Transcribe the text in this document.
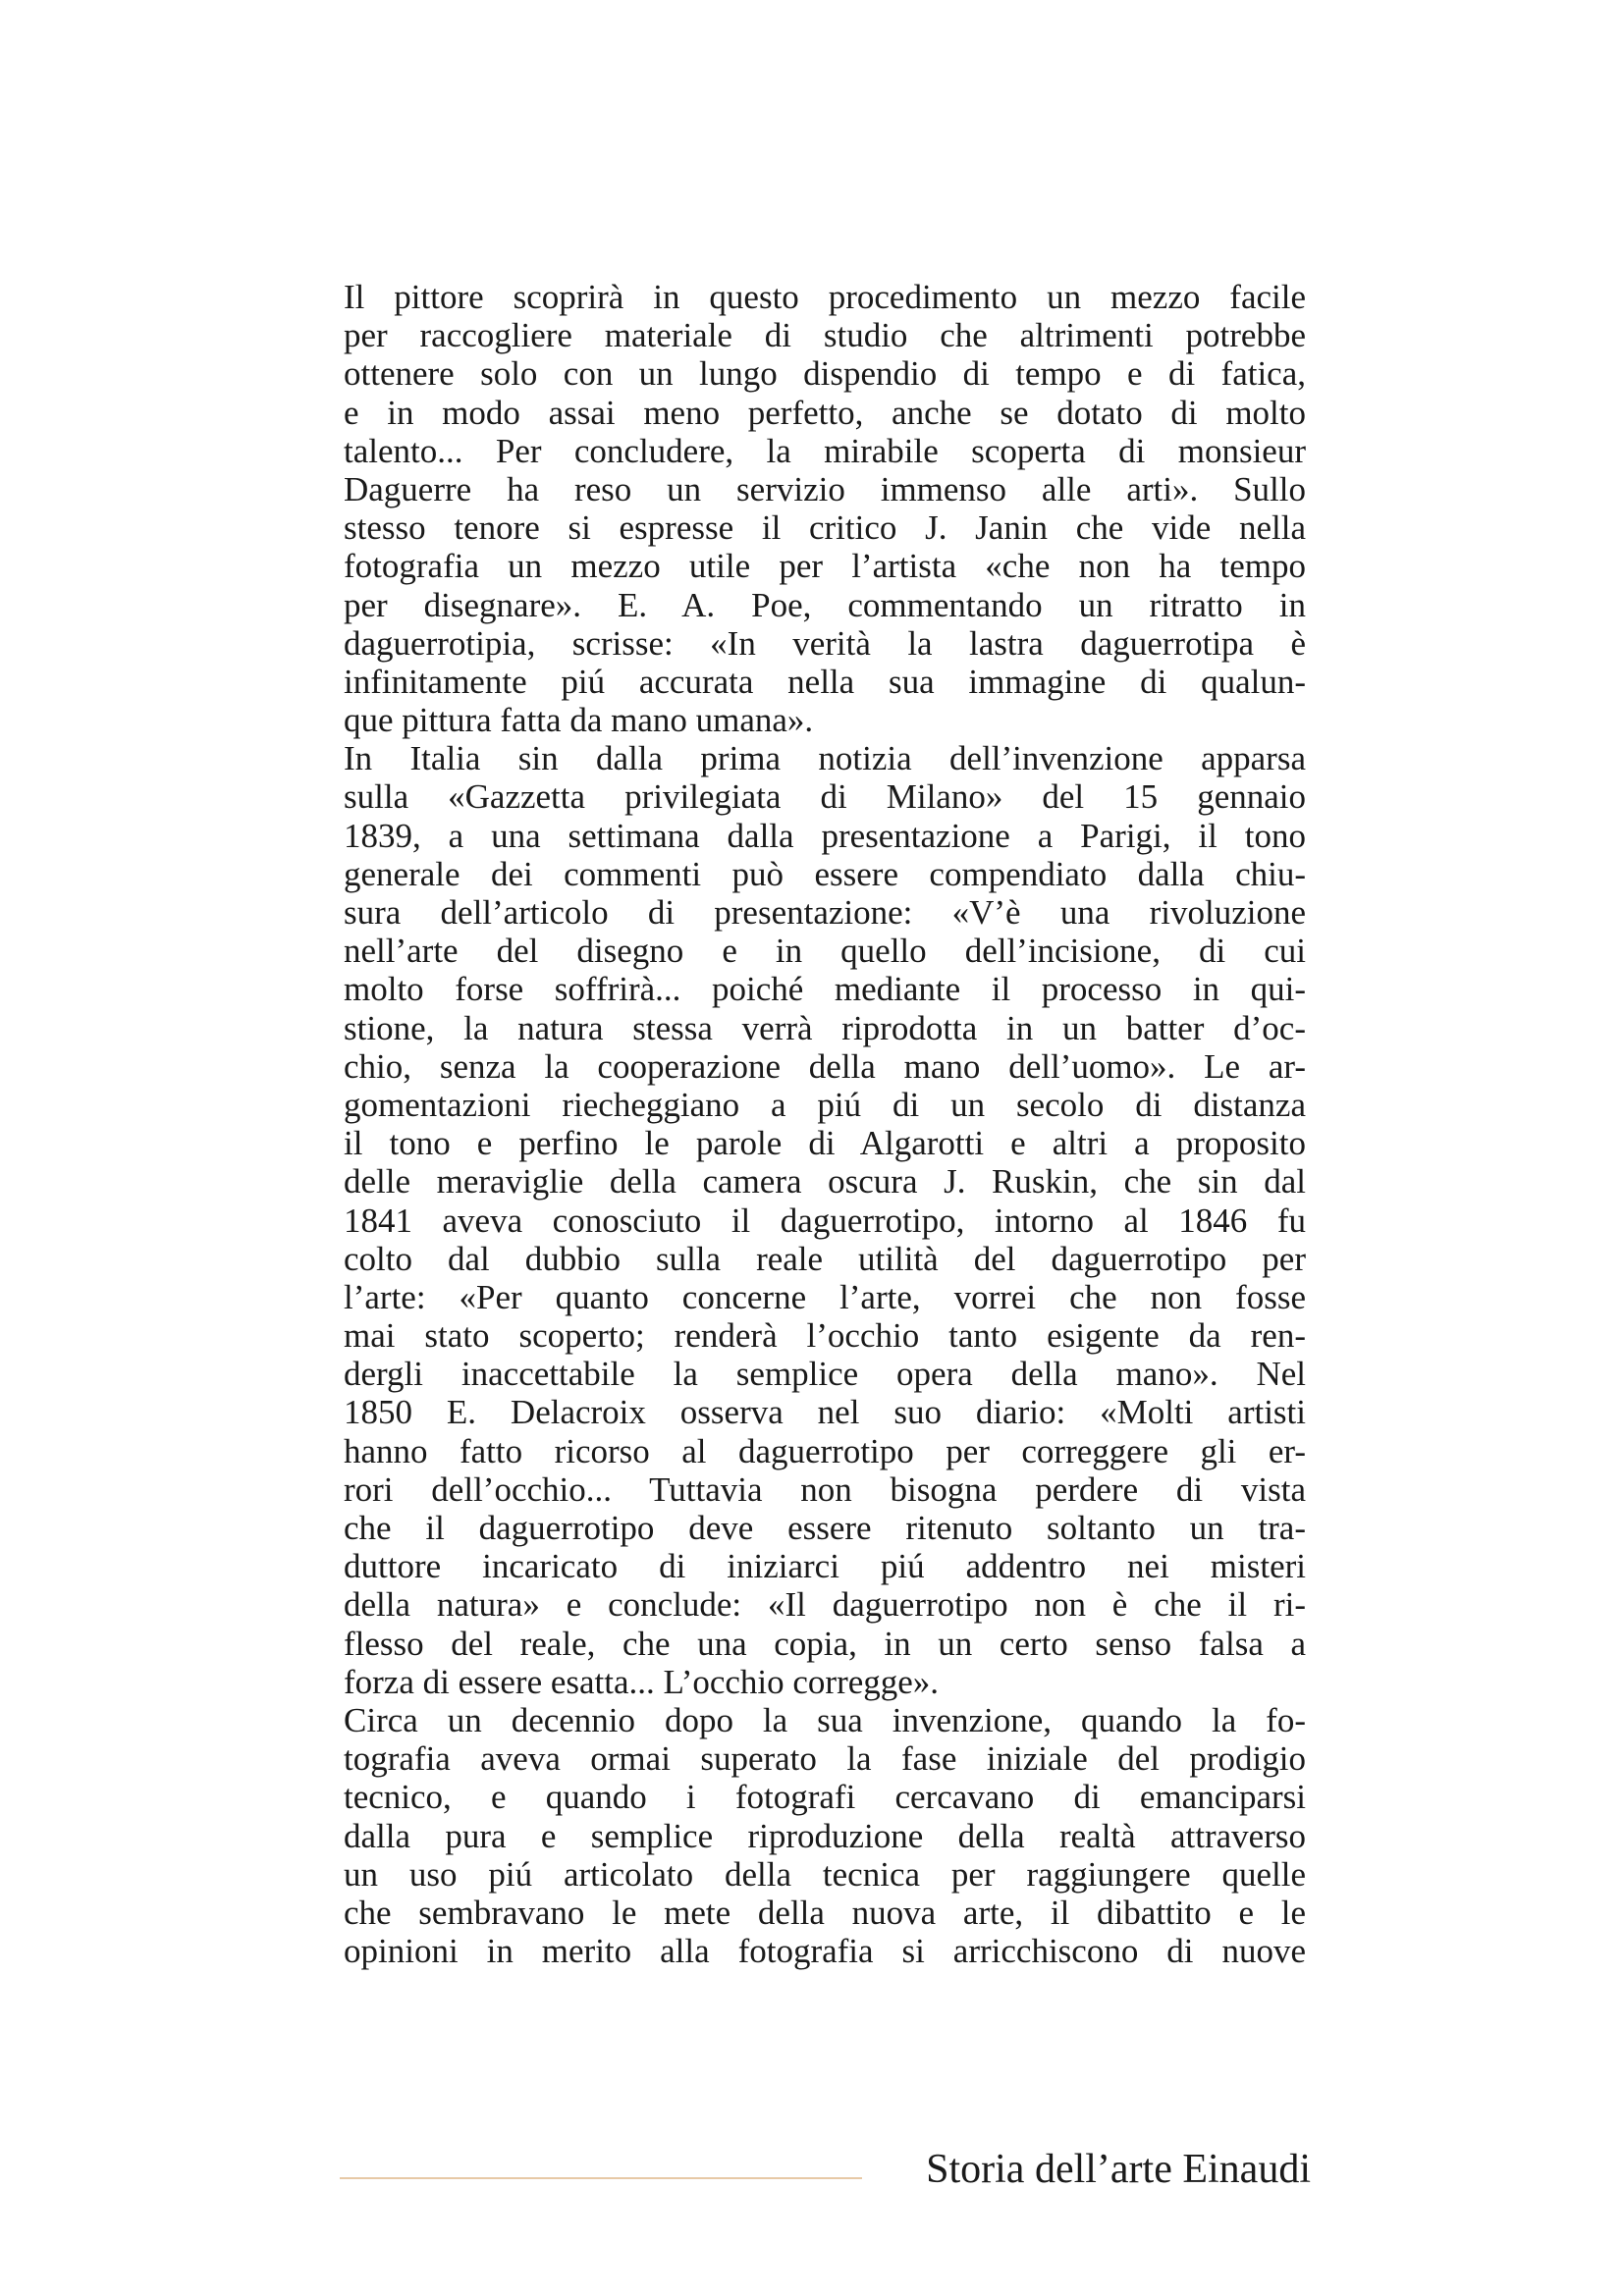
Il pittore scoprirà in questo procedimento un mezzo facile
per raccogliere materiale di studio che altrimenti potrebbe
ottenere solo con un lungo dispendio di tempo e di fatica,
e in modo assai meno perfetto, anche se dotato di molto
talento... Per concludere, la mirabile scoperta di monsieur
Daguerre ha reso un servizio immenso alle arti». Sullo
stesso tenore si espresse il critico J. Janin che vide nella
fotografia un mezzo utile per l’artista «che non ha tempo
per disegnare». E. A. Poe, commentando un ritratto in
daguerrotipia, scrisse: «In verità la lastra daguerrotipa è
infinitamente piú accurata nella sua immagine di qualun-
que pittura fatta da mano umana».
In Italia sin dalla prima notizia dell’invenzione apparsa
sulla «Gazzetta privilegiata di Milano» del 15 gennaio
1839, a una settimana dalla presentazione a Parigi, il tono
generale dei commenti può essere compendiato dalla chiu-
sura dell’articolo di presentazione: «V’è una rivoluzione
nell’arte del disegno e in quello dell’incisione, di cui
molto forse soffrirà... poiché mediante il processo in qui-
stione, la natura stessa verrà riprodotta in un batter d’oc-
chio, senza la cooperazione della mano dell’uomo». Le ar-
gomentazioni riecheggiano a piú di un secolo di distanza
il tono e perfino le parole di Algarotti e altri a proposito
delle meraviglie della camera oscura J. Ruskin, che sin dal
1841 aveva conosciuto il daguerrotipo, intorno al 1846 fu
colto dal dubbio sulla reale utilità del daguerrotipo per
l’arte: «Per quanto concerne l’arte, vorrei che non fosse
mai stato scoperto; renderà l’occhio tanto esigente da ren-
dergli inaccettabile la semplice opera della mano». Nel
1850 E. Delacroix osserva nel suo diario: «Molti artisti
hanno fatto ricorso al daguerrotipo per correggere gli er-
rori dell’occhio... Tuttavia non bisogna perdere di vista
che il daguerrotipo deve essere ritenuto soltanto un tra-
duttore incaricato di iniziarci piú addentro nei misteri
della natura» e conclude: «Il daguerrotipo non è che il ri-
flesso del reale, che una copia, in un certo senso falsa a
forza di essere esatta... L’occhio corregge».
Circa un decennio dopo la sua invenzione, quando la fo-
tografia aveva ormai superato la fase iniziale del prodigio
tecnico, e quando i fotografi cercavano di emanciparsi
dalla pura e semplice riproduzione della realtà attraverso
un uso piú articolato della tecnica per raggiungere quelle
che sembravano le mete della nuova arte, il dibattito e le
opinioni in merito alla fotografia si arricchiscono di nuove
Storia dell’arte Einaudi
